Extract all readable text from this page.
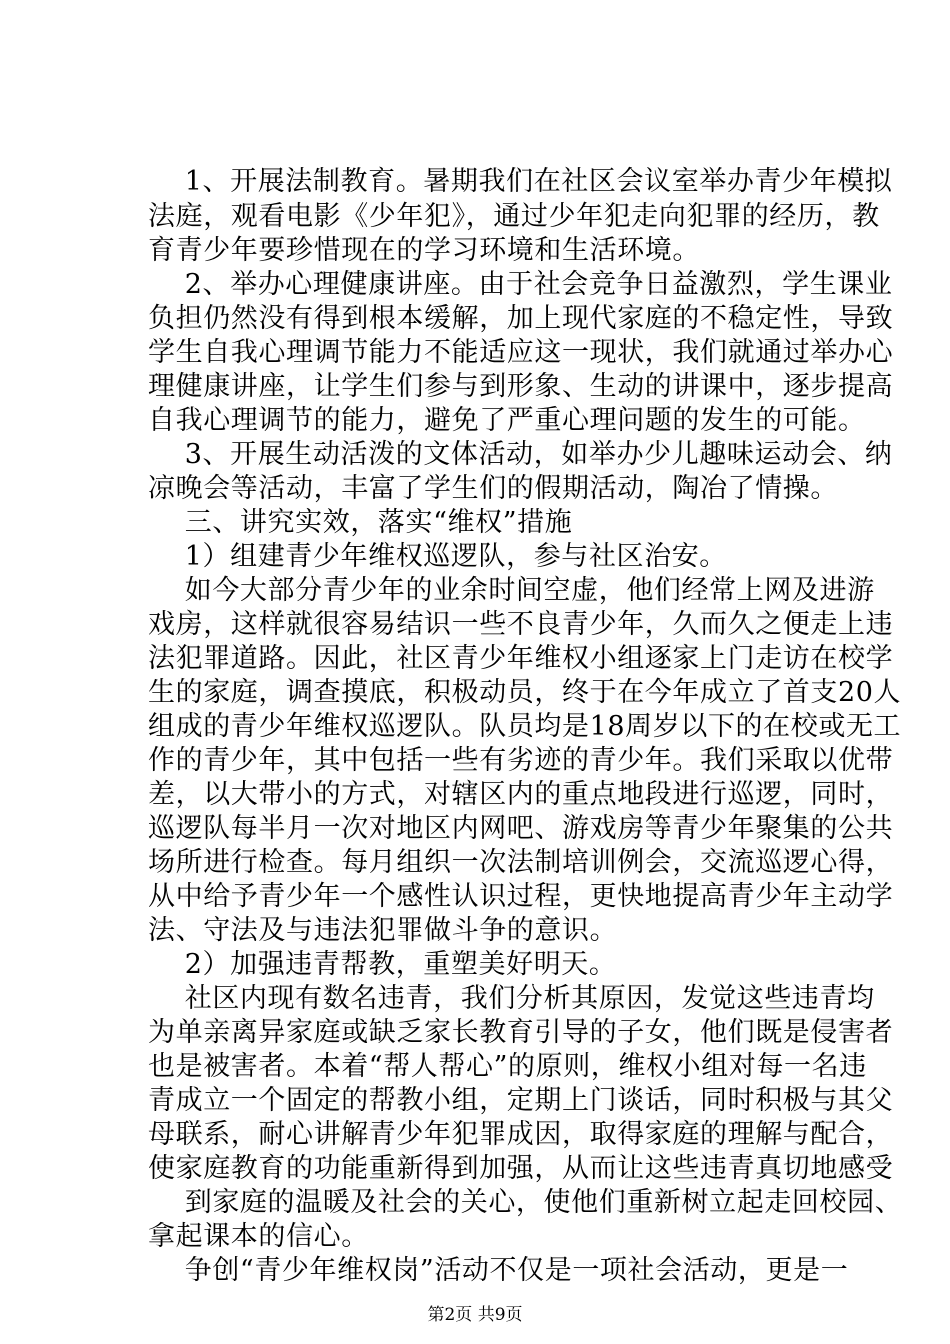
1、开展法制教育。暑期我们在社区会议室举办青少年模拟
法庭，观看电影《少年犯》，通过少年犯走向犯罪的经历，教
育青少年要珍惜现在的学习环境和生活环境。
2、举办心理健康讲座。由于社会竞争日益激烈，学生课业
负担仍然没有得到根本缓解，加上现代家庭的不稳定性，导致
学生自我心理调节能力不能适应这一现状，我们就通过举办心
理健康讲座，让学生们参与到形象、生动的讲课中，逐步提高
自我心理调节的能力，避免了严重心理问题的发生的可能。
3、开展生动活泼的文体活动，如举办少儿趣味运动会、纳
凉晚会等活动，丰富了学生们的假期活动，陶冶了情操。
三、讲究实效，落实“维权”措施
1）组建青少年维权巡逻队，参与社区治安。
如今大部分青少年的业余时间空虚，他们经常上网及进游
戏房，这样就很容易结识一些不良青少年，久而久之便走上违
法犯罪道路。因此，社区青少年维权小组逐家上门走访在校学
生的家庭，调查摸底，积极动员，终于在今年成立了首支20人
组成的青少年维权巡逻队。队员均是18周岁以下的在校或无工
作的青少年，其中包括一些有劣迹的青少年。我们采取以优带
差，以大带小的方式，对辖区内的重点地段进行巡逻，同时，
巡逻队每半月一次对地区内网吧、游戏房等青少年聚集的公共
场所进行检查。每月组织一次法制培训例会，交流巡逻心得，
从中给予青少年一个感性认识过程，更快地提高青少年主动学
法、守法及与违法犯罪做斗争的意识。
2）加强违青帮教，重塑美好明天。
社区内现有数名违青，我们分析其原因，发觉这些违青均
为单亲离异家庭或缺乏家长教育引导的子女，他们既是侵害者
也是被害者。本着“帮人帮心”的原则，维权小组对每一名违
青成立一个固定的帮教小组，定期上门谈话，同时积极与其父
母联系，耐心讲解青少年犯罪成因，取得家庭的理解与配合，
使家庭教育的功能重新得到加强，从而让这些违青真切地感受
到家庭的温暖及社会的关心，使他们重新树立起走回校园、
拿起课本的信心。
争创“青少年维权岗”活动不仅是一项社会活动，更是一
第2页 共9页
